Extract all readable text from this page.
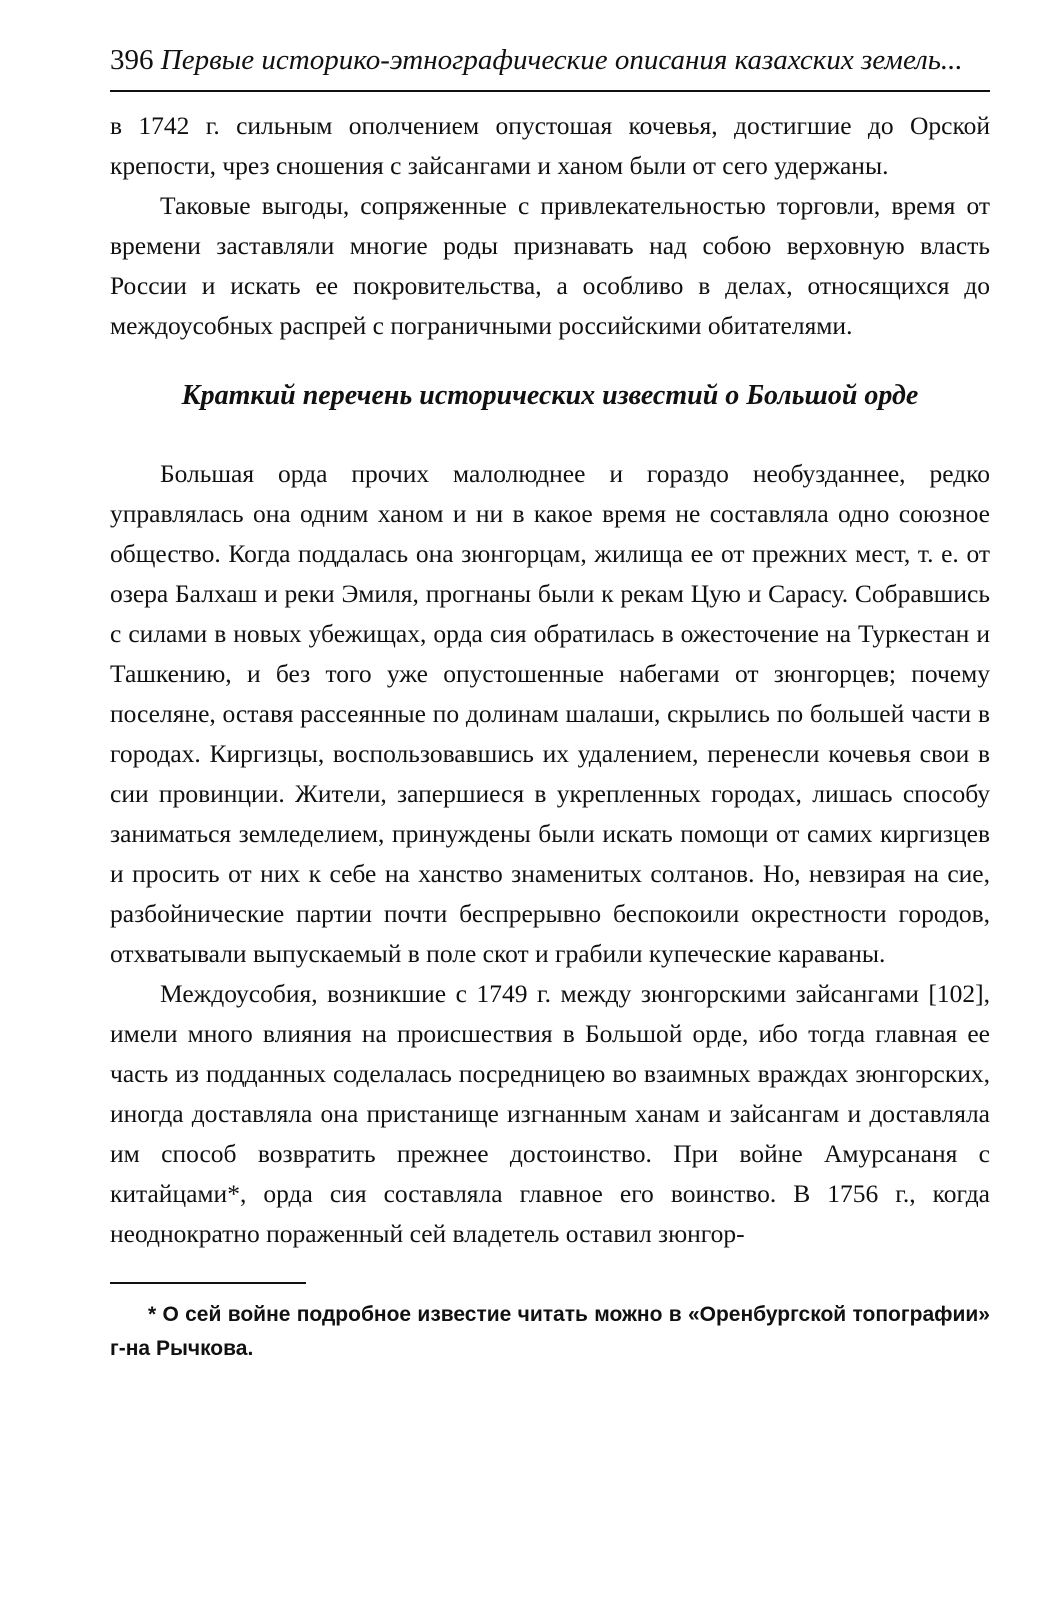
396 Первые историко-этнографические описания казахских земель...

в 1742 г. сильным ополчением опустошая кочевья, достигшие до Орской крепости, чрез сношения с зайсангами и ханом были от сего удержаны.

Таковые выгоды, сопряженные с привлекательностью торговли, время от времени заставляли многие роды признавать над собою верховную власть России и искать ее покровительства, а особливо в делах, относящихся до междоусобных распрей с пограничными российскими обитателями.

Краткий перечень исторических известий о Большой орде

Большая орда прочих малолюднее и гораздо необузданнее, редко управлялась она одним ханом и ни в какое время не составляла одно союзное общество. Когда поддалась она зюнгорцам, жилища ее от прежних мест, т. е. от озера Балхаш и реки Эмиля, прогнаны были к рекам Цую и Сарасу. Собравшись с силами в новых убежищах, орда сия обратилась в ожесточение на Туркестан и Ташкению, и без того уже опустошенные набегами от зюнгорцев; почему поселяне, оставя рассеянные по долинам шалаши, скрылись по большей части в городах. Киргизцы, воспользовавшись их удалением, перенесли кочевья свои в сии провинции. Жители, запершиеся в укрепленных городах, лишась способу заниматься земледелием, принуждены были искать помощи от самих киргизцев и просить от них к себе на ханство знаменитых солтанов. Но, невзирая на сие, разбойнические партии почти беспрерывно беспокоили окрестности городов, отхватывали выпускаемый в поле скот и грабили купеческие караваны.

Междоусобия, возникшие с 1749 г. между зюнгорскими зайсангами [102], имели много влияния на происшествия в Большой орде, ибо тогда главная ее часть из подданных соделалась посредницею во взаимных враждах зюнгорских, иногда доставляла она пристанище изгнанным ханам и зайсангам и доставляла им способ возвратить прежнее достоинство. При войне Амурсананя с китайцами*, орда сия составляла главное его воинство. В 1756 г., когда неоднократно пораженный сей владетель оставил зюнгор-

* О сей войне подробное известие читать можно в «Оренбургской топографии» г-на Рычкова.
